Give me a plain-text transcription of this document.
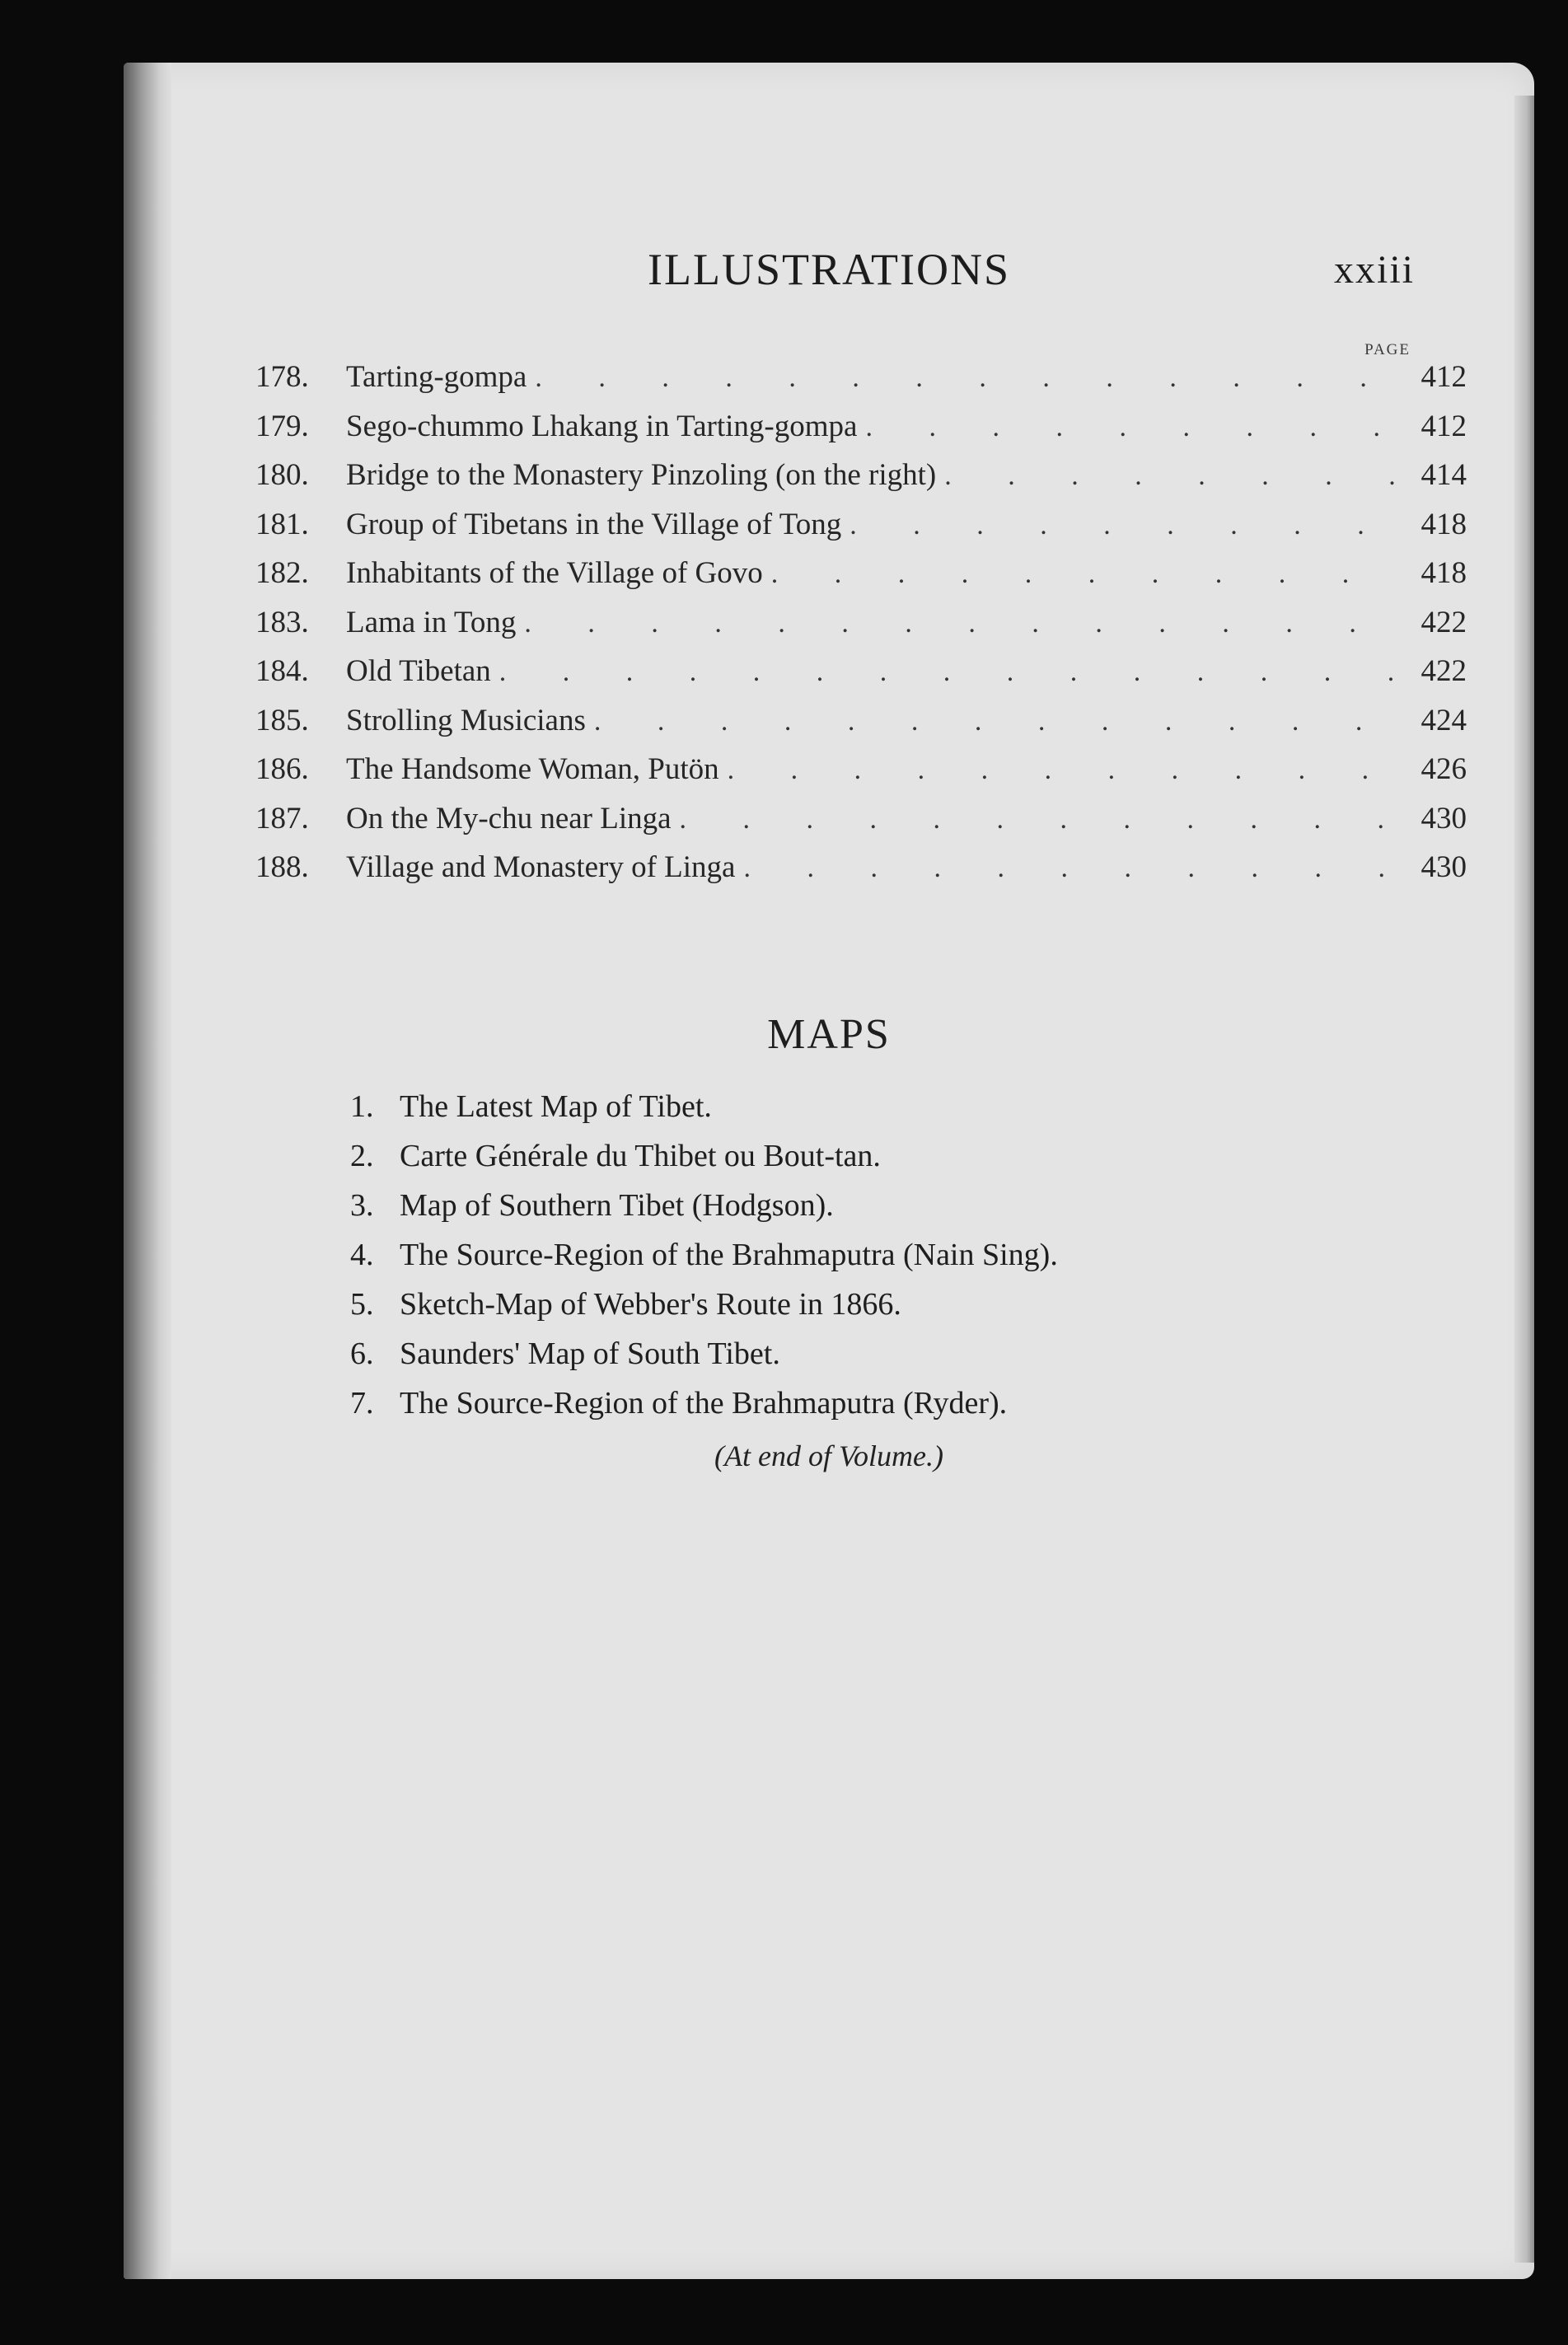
ILLUSTRATIONS	xxiii
PAGE
178.	Tarting-gompa . . .	412
179.	Sego-chummo Lhakang in Tarting-gompa . . .	412
180.	Bridge to the Monastery Pinzoling (on the right) . . .	414
181.	Group of Tibetans in the Village of Tong . . .	418
182.	Inhabitants of the Village of Govo . . .	418
183.	Lama in Tong . . .	422
184.	Old Tibetan . . .	422
185.	Strolling Musicians . . .	424
186.	The Handsome Woman, Putön . . .	426
187.	On the My-chu near Linga . . .	430
188.	Village and Monastery of Linga . . .	430
MAPS
1. The Latest Map of Tibet.
2. Carte Générale du Thibet ou Bout-tan.
3. Map of Southern Tibet (Hodgson).
4. The Source-Region of the Brahmaputra (Nain Sing).
5. Sketch-Map of Webber's Route in 1866.
6. Saunders' Map of South Tibet.
7. The Source-Region of the Brahmaputra (Ryder).
(At end of Volume.)
